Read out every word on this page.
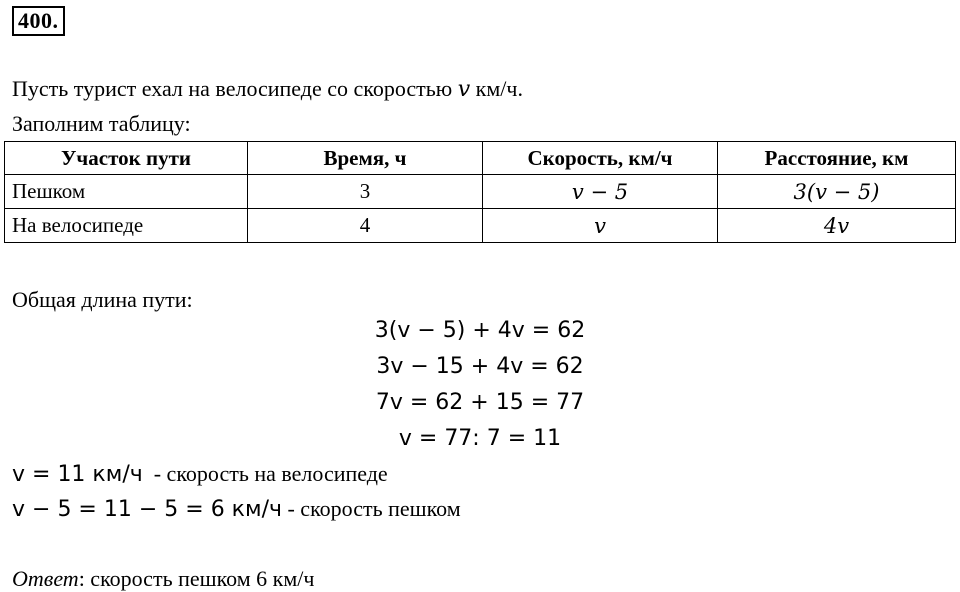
400.
Пусть турист ехал на велосипеде со скоростью v км/ч.
Заполним таблицу:
Участок пути	Время, ч	Скорость, км/ч	Расстояние, км
Пешком	3	v − 5	3(v − 5)
На велосипеде	4	v	4v
Общая длина пути:
3(v − 5) + 4v = 62
3v − 15 + 4v = 62
7v = 62 + 15 = 77
v = 77: 7 = 11
v = 11 км/ч  - скорость на велосипеде
v − 5 = 11 − 5 = 6 км/ч - скорость пешком
Ответ: скорость пешком 6 км/ч
